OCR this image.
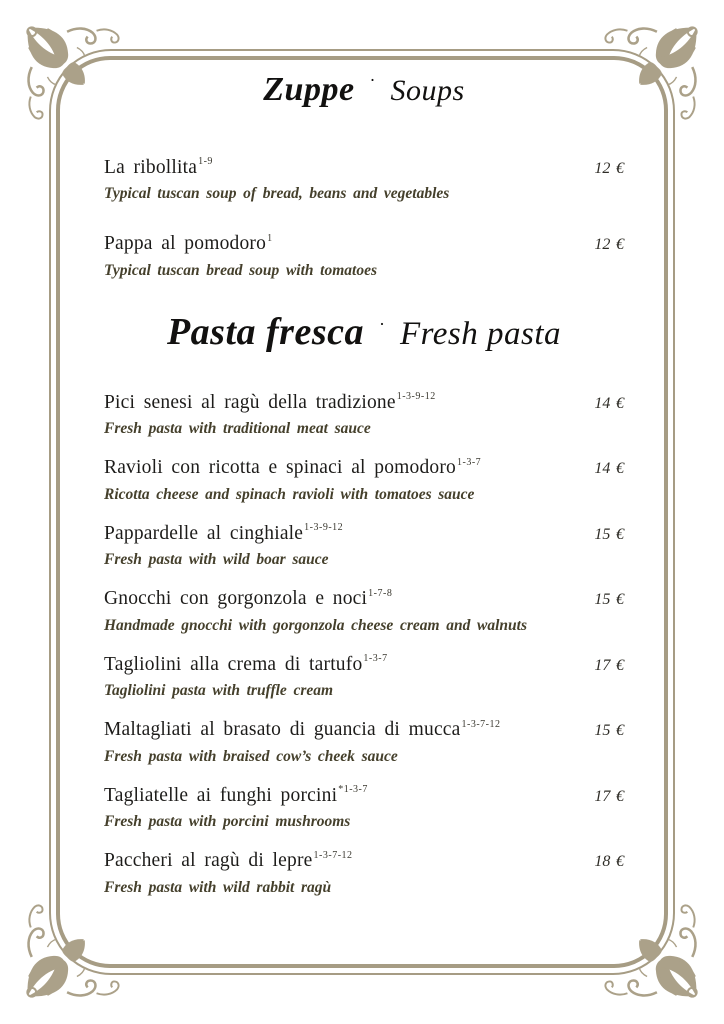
Zuppe · Soups
La ribollita$^{1-9}$	12 €
Typical tuscan soup of bread, beans and vegetables
Pappa al pomodoro$^1$	12 €
Typical tuscan bread soup with tomatoes
Pasta fresca · Fresh pasta
Pici senesi al ragù della tradizione$^{1-3-9-12}$	14 €
Fresh pasta with traditional meat sauce
Ravioli con ricotta e spinaci al pomodoro$^{1-3-7}$	14 €
Ricotta cheese and spinach ravioli with tomatoes sauce
Pappardelle al cinghiale$^{1-3-9-12}$	15 €
Fresh pasta with wild boar sauce
Gnocchi con gorgonzola e noci$^{1-7-8}$	15 €
Handmade gnocchi with gorgonzola cheese cream and walnuts
Tagliolini alla crema di tartufo$^{1-3-7}$	17 €
Tagliolini pasta with truffle cream
Maltagliati al brasato di guancia di mucca$^{1-3-7-12}$	15 €
Fresh pasta with braised cow’s cheek sauce
Tagliatelle ai funghi porcini$^{*1-3-7}$	17 €
Fresh pasta with porcini mushrooms
Paccheri al ragù di lepre$^{1-3-7-12}$	18 €
Fresh pasta with wild rabbit ragù
